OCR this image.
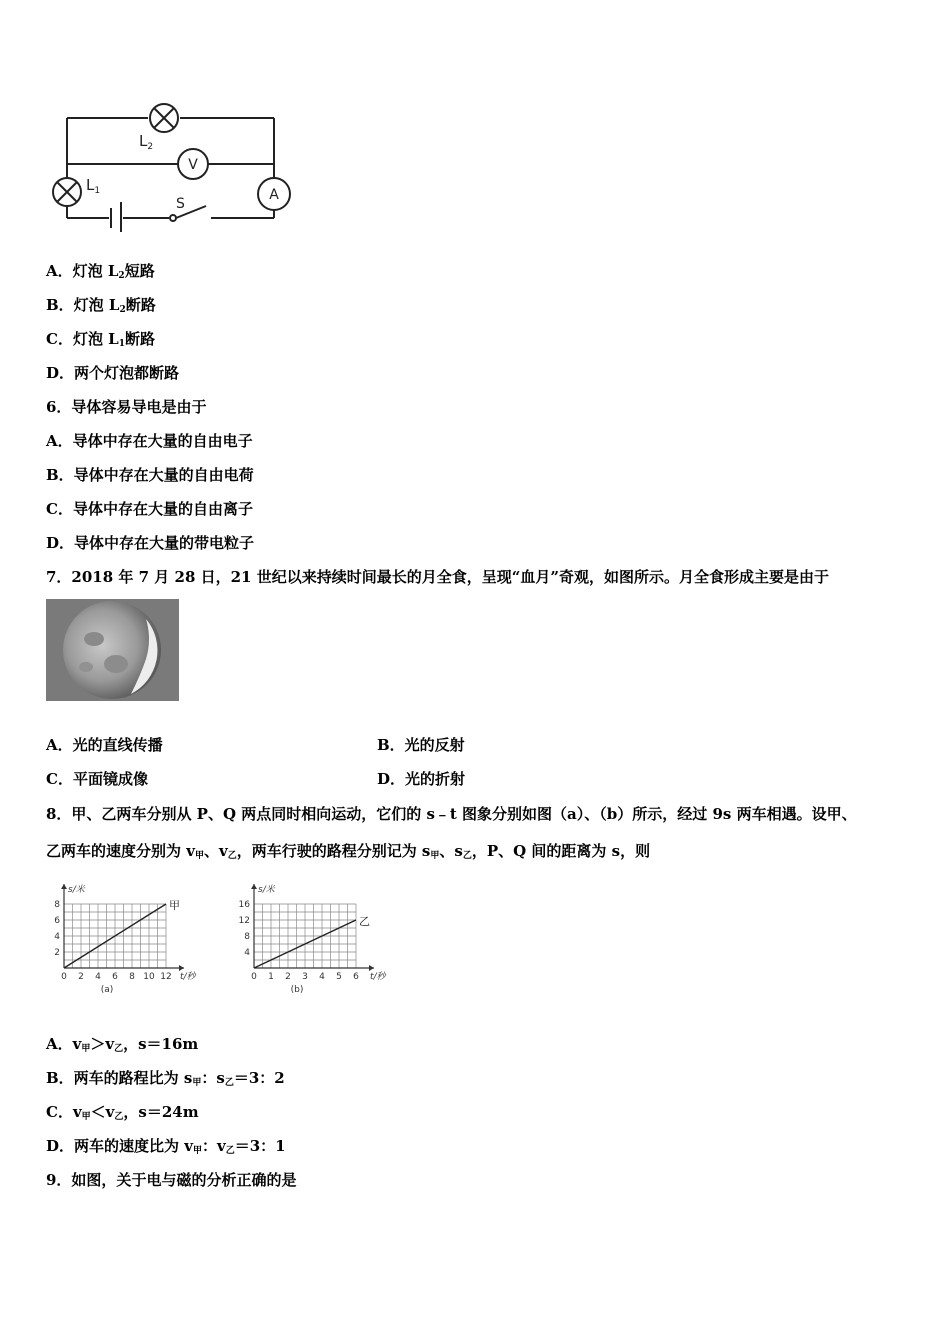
$L_2$
V
$L_1$	A
S
A．灯泡 $L_2$短路
B．灯泡 $L_2$断路
C．灯泡 $L_1$断路
D．两个灯泡都断路
6．导体容易导电是由于
A．导体中存在大量的自由电子
B．导体中存在大量的自由电荷
C．导体中存在大量的自由离子
D．导体中存在大量的带电粒子
7．2018 年 7 月 28 日，21 世纪以来持续时间最长的月全食，呈现“血月”奇观，如图所示。月全食形成主要是由于
A．光的直线传播	B．光的反射
C．平面镜成像	D．光的折射
8．甲、乙两车分别从 P、Q 两点同时相向运动，它们的 s﹣t 图象分别如图（a）、（b）所示，经过 9s 两车相遇。设甲、
乙两车的速度分别为 $v_甲$、$v_乙$，两车行驶的路程分别记为 $s_甲$、$s_乙$，P、Q 间的距离为 s，则
0 2 4 6 8 10 12
2
4
6
8
s/米
t/秒
(a)
甲
0 1 2 3 4 5 6
4
8
12
16
s/米
t/秒
(b)
乙
A．$v_甲>v_乙$，s＝16m
B．两车的路程比为 $s_甲$：$s_乙=3$：2
C．$v_甲<v_乙$，s＝24m
D．两车的速度比为 $v_甲$：$v_乙=3$：1
9．如图，关于电与磁的分析正确的是
